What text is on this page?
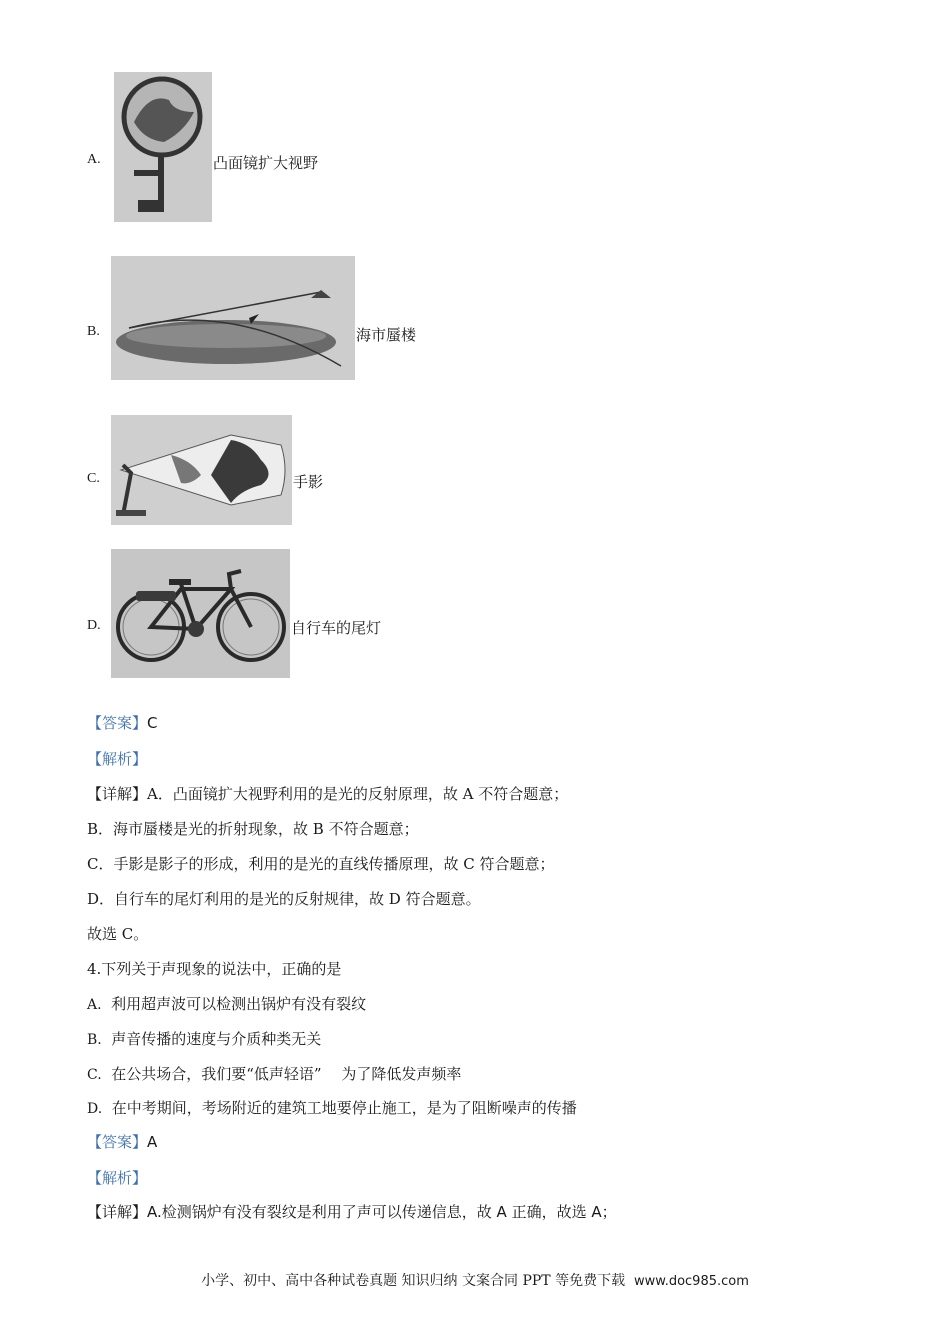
A.	凸面镜扩大视野
B.	海市蜃楼
C.	手影
D.	自行车的尾灯
【答案】C
【解析】
【详解】A．凸面镜扩大视野利用的是光的反射原理，故 A 不符合题意；
B．海市蜃楼是光的折射现象，故 B 不符合题意；
C．手影是影子的形成，利用的是光的直线传播原理，故 C 符合题意；
D．自行车的尾灯利用的是光的反射规律，故 D 符合题意。
故选 C。
4.下列关于声现象的说法中，正确的是
A. 利用超声波可以检测出锅炉有没有裂纹
B. 声音传播的速度与介质种类无关
C. 在公共场合，我们要“低声轻语”　 为了降低发声频率
D. 在中考期间，考场附近的建筑工地要停止施工，是为了阻断噪声的传播
【答案】A
【解析】
【详解】A.检测锅炉有没有裂纹是利用了声可以传递信息，故 A 正确，故选 A；
小学、初中、高中各种试卷真题 知识归纳 文案合同 PPT 等免费下载 www.doc985.com
